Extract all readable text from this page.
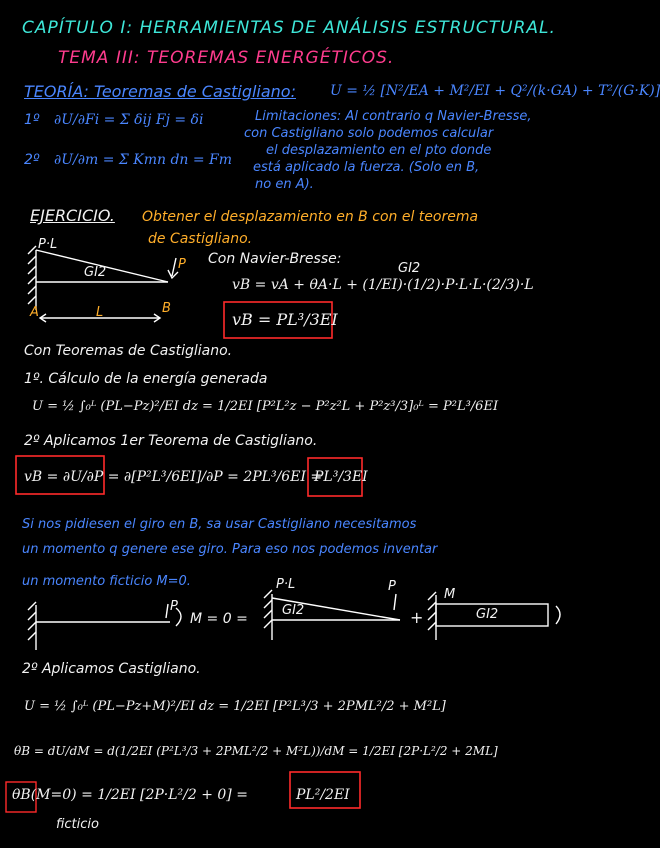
CAPÍTULO I: HERRAMIENTAS DE ANÁLISIS ESTRUCTURAL.
TEMA III: TEOREMAS ENERGÉTICOS.
TEORÍA: Teoremas de Castigliano: U = ½ [N²/EA + M²/EI + Q²/(k·GA) + T²/(G·K)]
1º ∂U/∂Fi = Σ δij Fj = δi
2º ∂U/∂m = Σ Kmn dn = Fm
Limitaciones: Al contrario q Navier-Bresse,
con Castigliano solo podemos calcular
el desplazamiento en el pto donde
está aplicado la fuerza. (Solo en B,
no en A).
EJERCICIO. Obtener el desplazamiento en B con el teorema
de Castigliano.
P·L
GI2
P
A	B
L
Con Navier-Bresse:
GI2
vB = vA + θA·L + (1/EI)·(1/2)·P·L·L·(2/3)·L
vB = PL³/3EI
Con Teoremas de Castigliano.
1º. Cálculo de la energía generada
U = ½ ∫₀ᴸ (PL−Pz)²/EI dz = 1/2EI [P²L²z − P²z²L + P²z³/3]₀ᴸ = P²L³/6EI
2º Aplicamos 1er Teorema de Castigliano.
vB = ∂U/∂P = ∂[P²L³/6EI]/∂P = 2PL³/6EI =
PL³/3EI
Si nos pidiesen el giro en B, sa usar Castigliano necesitamos
un momento q genere ese giro. Para eso nos podemos inventar
un momento ficticio M=0.
P
M = 0 =
P·L
GI2
P
+
M
GI2
2º Aplicamos Castigliano.
U = ½ ∫₀ᴸ (PL−Pz+M)²/EI dz = 1/2EI [P²L³/3 + 2PML²/2 + M²L]
θB = dU/dM = d(1/2EI (P²L³/3 + 2PML²/2 + M²L))/dM = 1/2EI [2P·L²/2 + 2ML]
θB(M=0) = 1/2EI [2P·L²/2 + 0] =	PL²/2EI
ficticio
